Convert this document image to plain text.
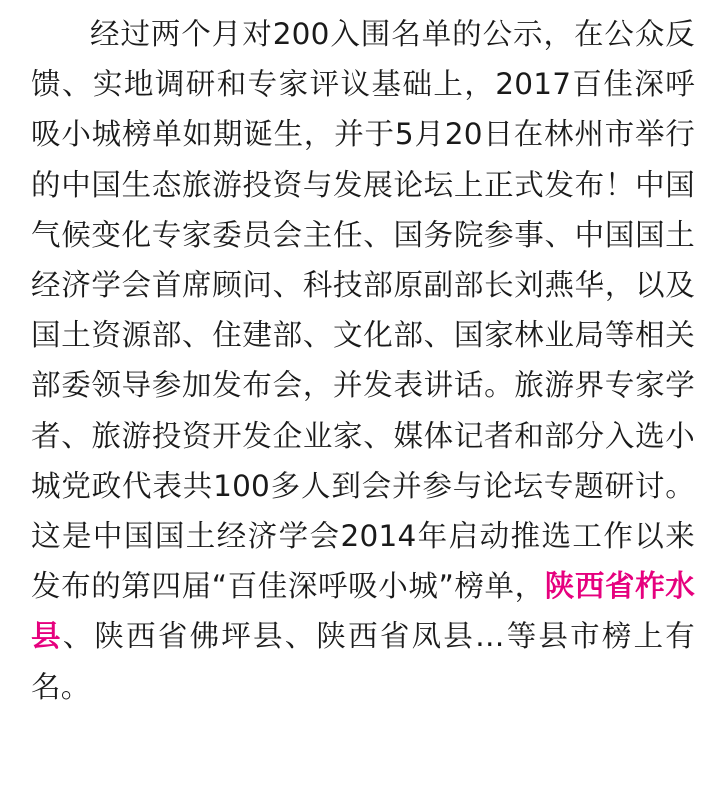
经过两个月对200入围名单的公示，在公众反馈、实地调研和专家评议基础上，2017百佳深呼吸小城榜单如期诞生，并于5月20日在林州市举行的中国生态旅游投资与发展论坛上正式发布！中国气候变化专家委员会主任、国务院参事、中国国土经济学会首席顾问、科技部原副部长刘燕华，以及国土资源部、住建部、文化部、国家林业局等相关部委领导参加发布会，并发表讲话。旅游界专家学者、旅游投资开发企业家、媒体记者和部分入选小城党政代表共100多人到会并参与论坛专题研讨。这是中国国土经济学会2014年启动推选工作以来发布的第四届“百佳深呼吸小城”榜单，陕西省柞水县、陕西省佛坪县、陕西省凤县…等县市榜上有名。
